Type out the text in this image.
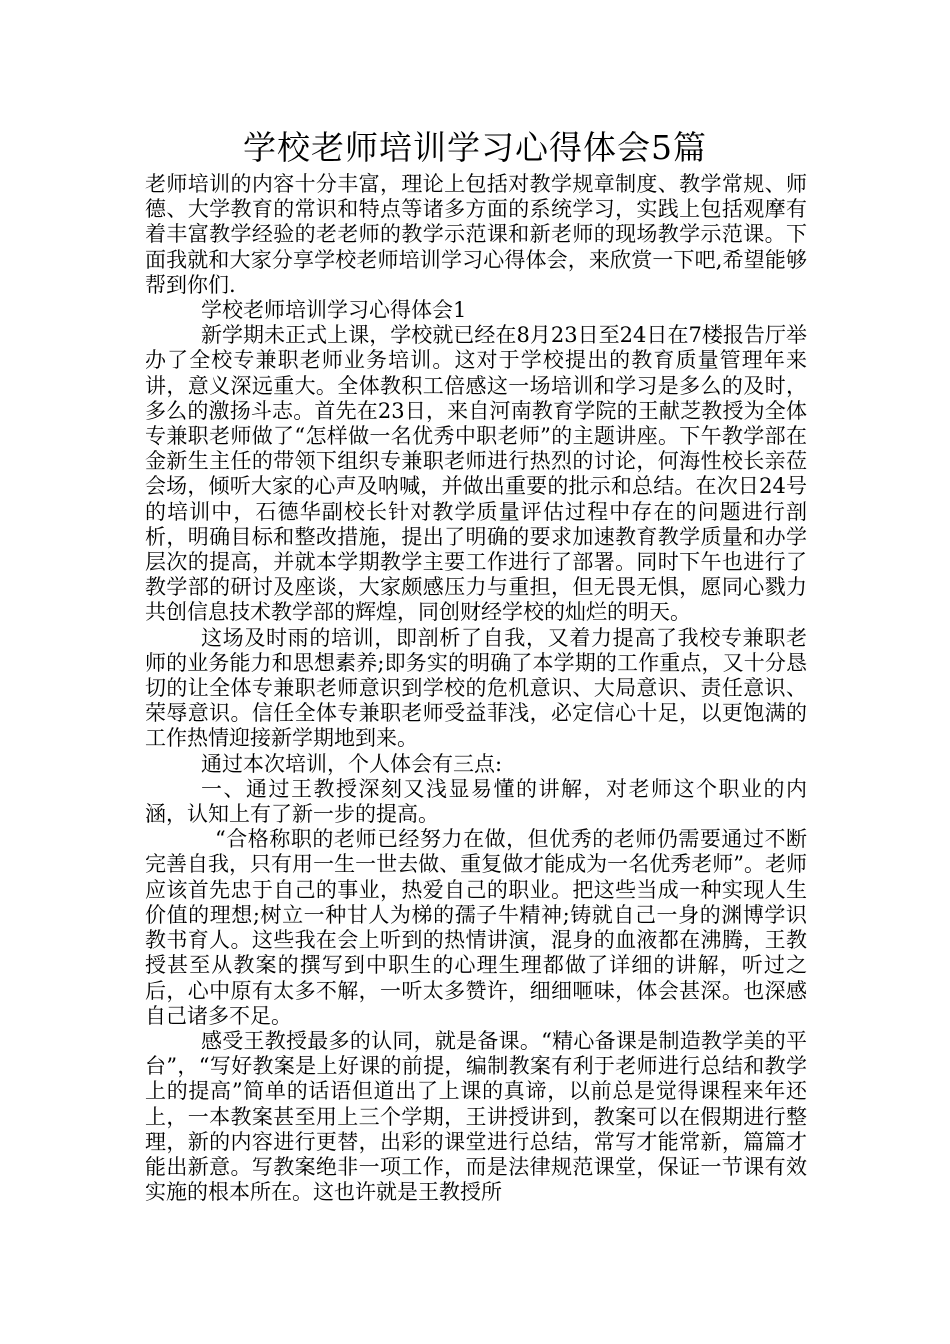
学校老师培训学习心得体会5篇

老师培训的内容十分丰富，理论上包括对教学规章制度、教学常规、师德、大学教育的常识和特点等诸多方面的系统学习，实践上包括观摩有着丰富教学经验的老老师的教学示范课和新老师的现场教学示范课。下面我就和大家分享学校老师培训学习心得体会，来欣赏一下吧,希望能够帮到你们.

学校老师培训学习心得体会1

新学期未正式上课，学校就已经在8月23日至24日在7楼报告厅举办了全校专兼职老师业务培训。这对于学校提出的教育质量管理年来讲，意义深远重大。全体教积工倍感这一场培训和学习是多么的及时，多么的激扬斗志。首先在23日，来自河南教育学院的王献芝教授为全体专兼职老师做了“怎样做一名优秀中职老师”的主题讲座。下午教学部在金新生主任的带领下组织专兼职老师进行热烈的讨论，何海性校长亲莅会场，倾听大家的心声及呐喊，并做出重要的批示和总结。在次日24号的培训中，石德华副校长针对教学质量评估过程中存在的问题进行剖析，明确目标和整改措施，提出了明确的要求加速教育教学质量和办学层次的提高，并就本学期教学主要工作进行了部署。同时下午也进行了教学部的研讨及座谈，大家颇感压力与重担，但无畏无惧，愿同心戮力共创信息技术教学部的辉煌，同创财经学校的灿烂的明天。

这场及时雨的培训，即剖析了自我，又着力提高了我校专兼职老师的业务能力和思想素养;即务实的明确了本学期的工作重点，又十分恳切的让全体专兼职老师意识到学校的危机意识、大局意识、责任意识、荣辱意识。信任全体专兼职老师受益菲浅，必定信心十足，以更饱满的工作热情迎接新学期地到来。

通过本次培训，个人体会有三点:

一、通过王教授深刻又浅显易懂的讲解，对老师这个职业的内涵，认知上有了新一步的提高。

“合格称职的老师已经努力在做，但优秀的老师仍需要通过不断完善自我，只有用一生一世去做、重复做才能成为一名优秀老师”。老师应该首先忠于自己的事业，热爱自己的职业。把这些当成一种实现人生价值的理想;树立一种甘人为梯的孺子牛精神;铸就自己一身的渊博学识教书育人。这些我在会上听到的热情讲演，混身的血液都在沸腾，王教授甚至从教案的撰写到中职生的心理生理都做了详细的讲解，听过之后，心中原有太多不解，一听太多赞许，细细咂味，体会甚深。也深感自己诸多不足。

感受王教授最多的认同，就是备课。“精心备课是制造教学美的平台”，“写好教案是上好课的前提，编制教案有利于老师进行总结和教学上的提高”简单的话语但道出了上课的真谛，以前总是觉得课程来年还上，一本教案甚至用上三个学期，王讲授讲到，教案可以在假期进行整理，新的内容进行更替，出彩的课堂进行总结，常写才能常新，篇篇才能出新意。写教案绝非一项工作，而是法律规范课堂，保证一节课有效实施的根本所在。这也许就是王教授所
